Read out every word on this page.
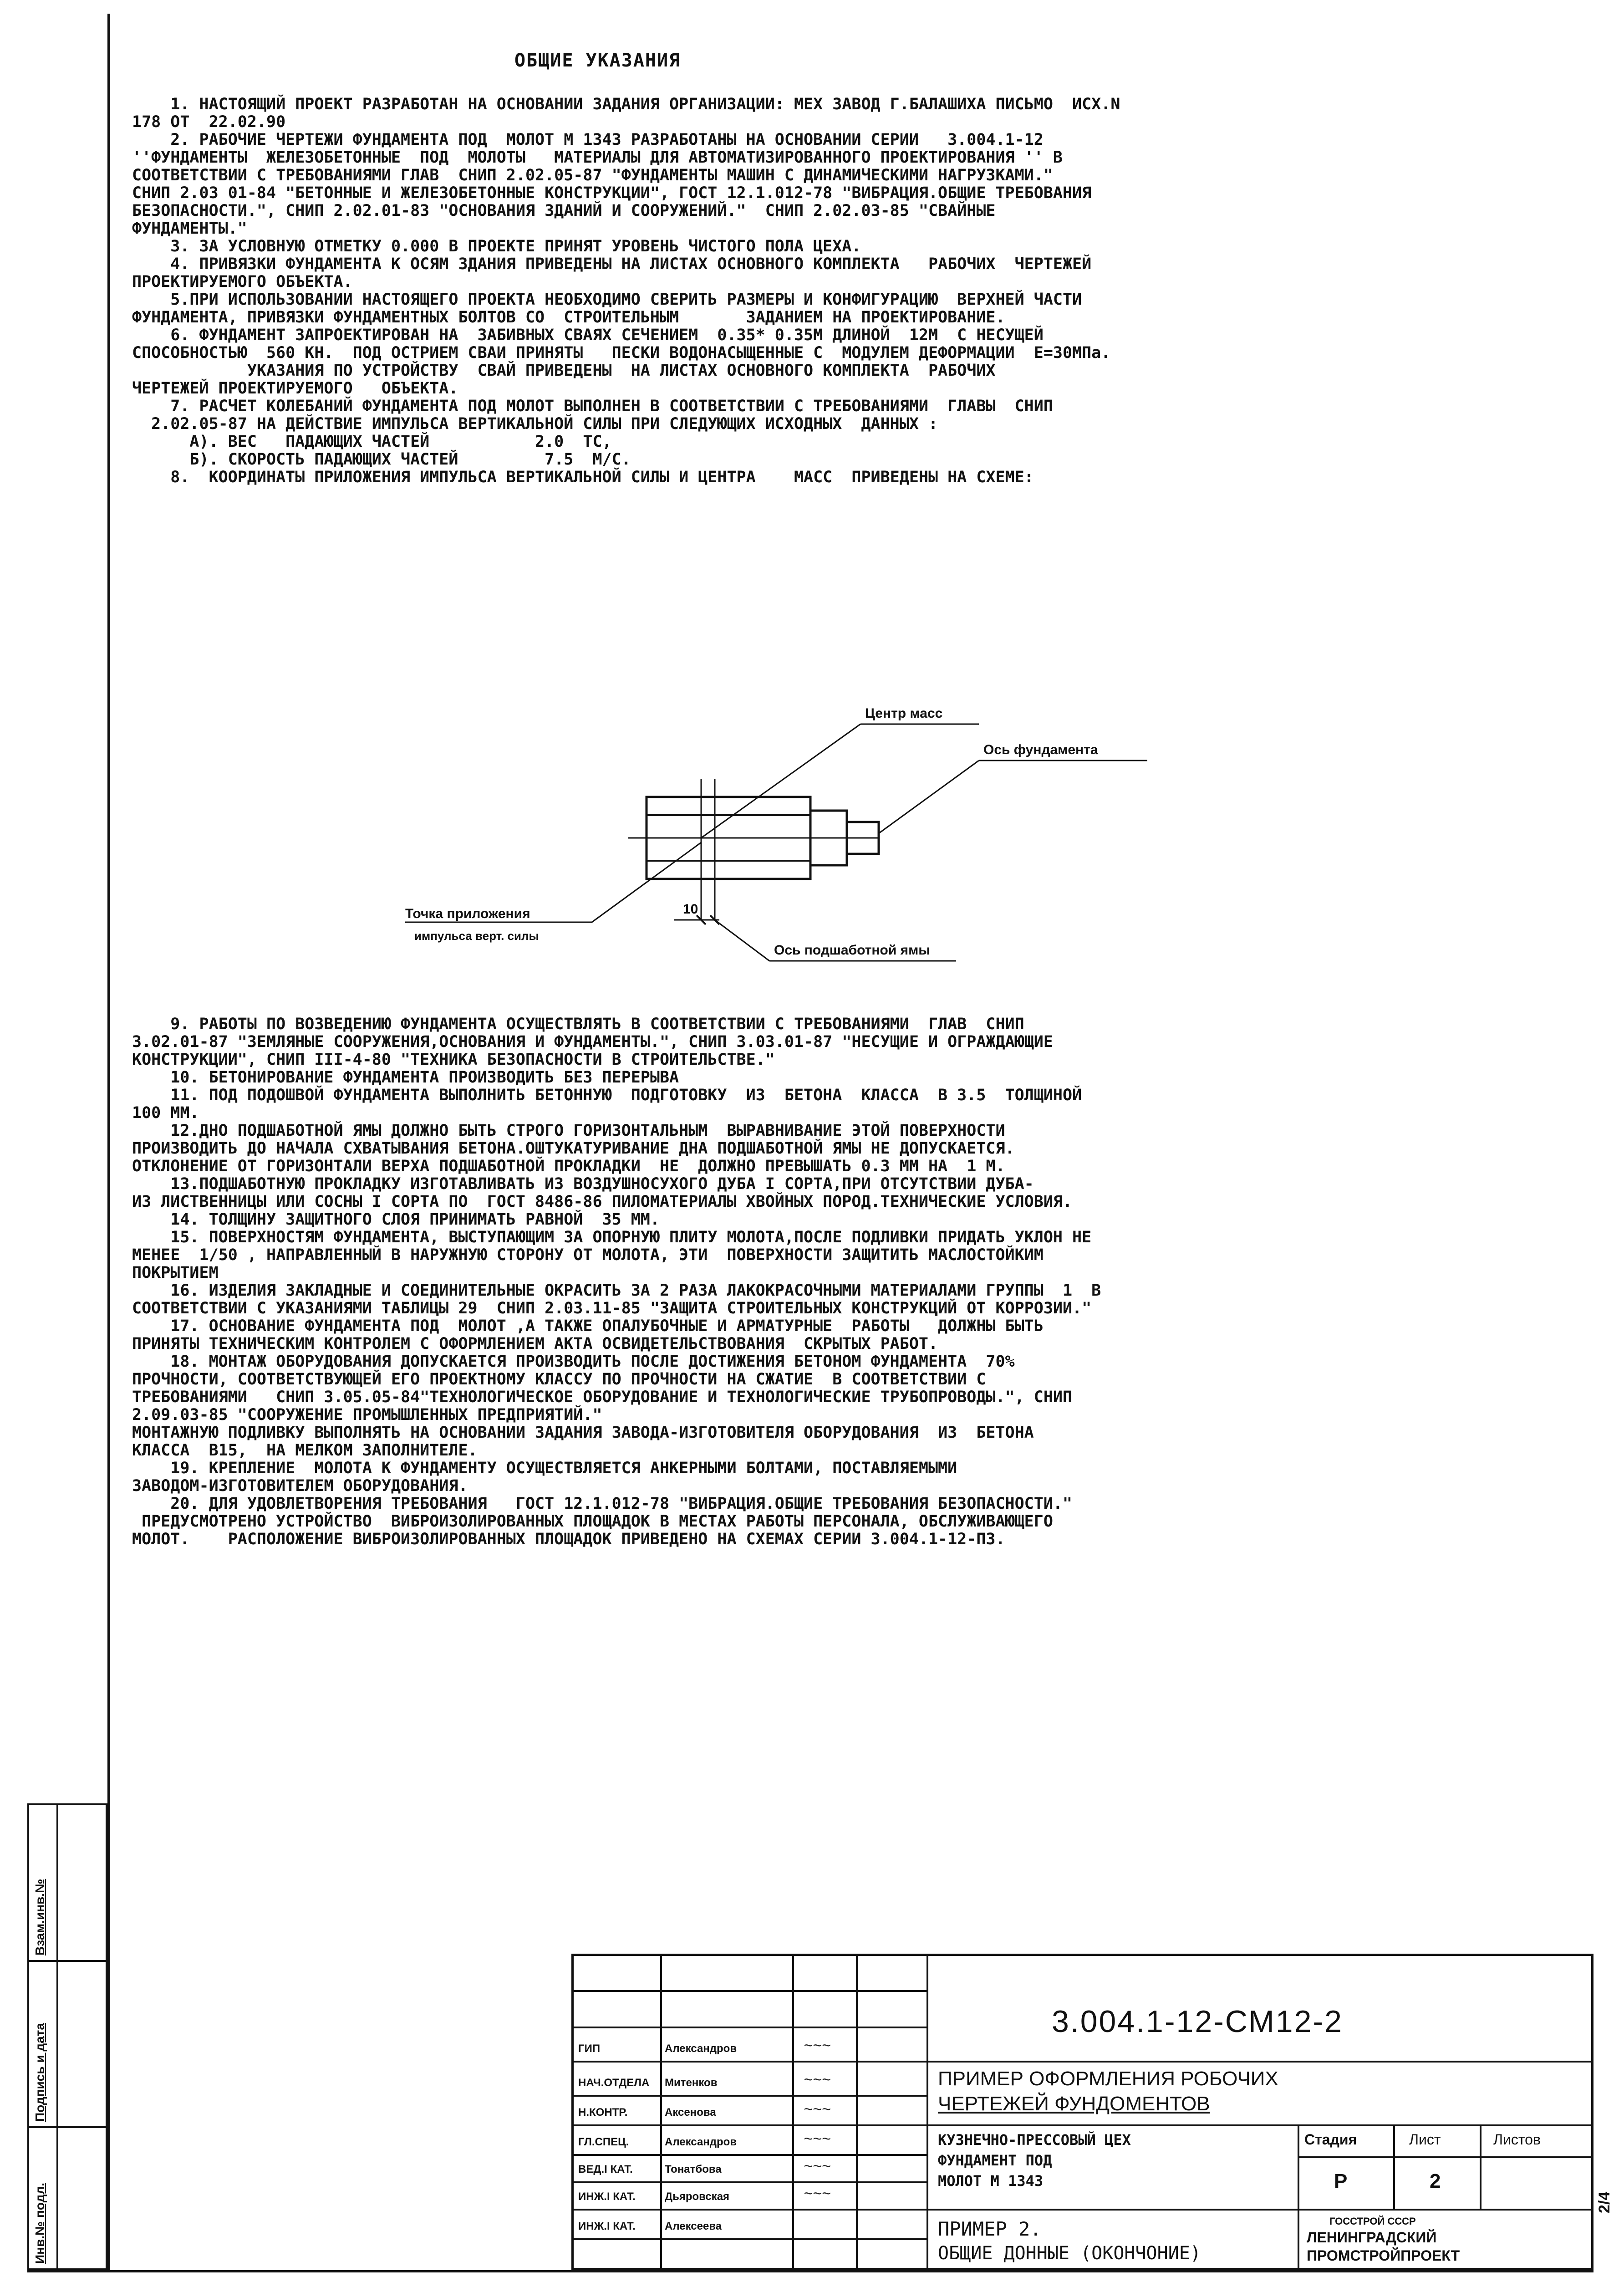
ОБЩИЕ УКАЗАНИЯ

1. НАСТОЯЩИЙ ПРОЕКТ РАЗРАБОТАН НА ОСНОВАНИИ ЗАДАНИЯ ОРГАНИЗАЦИИ: МЕХ ЗАВОД Г.БАЛАШИХА ПИСЬМО  ИСХ.N

178 ОТ  22.02.90

2. РАБОЧИЕ ЧЕРТЕЖИ ФУНДАМЕНТА ПОД  МОЛОТ М 1343 РАЗРАБОТАНЫ НА ОСНОВАНИИ СЕРИИ   3.004.1-12

''ФУНДАМЕНТЫ  ЖЕЛЕЗОБЕТОННЫЕ  ПОД  МОЛОТЫ   МАТЕРИАЛЫ ДЛЯ АВТОМАТИЗИРОВАННОГО ПРОЕКТИРОВАНИЯ '' В

СООТВЕТСТВИИ С ТРЕБОВАНИЯМИ ГЛАВ  СНИП 2.02.05-87 "ФУНДАМЕНТЫ МАШИН С ДИНАМИЧЕСКИМИ НАГРУЗКАМИ."

СНИП 2.03 01-84 "БЕТОННЫЕ И ЖЕЛЕЗОБЕТОННЫЕ КОНСТРУКЦИИ", ГОСТ 12.1.012-78 "ВИБРАЦИЯ.ОБЩИЕ ТРЕБОВАНИЯ

БЕЗОПАСНОСТИ.", СНИП 2.02.01-83 "ОСНОВАНИЯ ЗДАНИЙ И СООРУЖЕНИЙ."  СНИП 2.02.03-85 "СВАЙНЫЕ

ФУНДАМЕНТЫ."

3. ЗА УСЛОВНУЮ ОТМЕТКУ 0.000 В ПРОЕКТЕ ПРИНЯТ УРОВЕНЬ ЧИСТОГО ПОЛА ЦЕХА.

4. ПРИВЯЗКИ ФУНДАМЕНТА К ОСЯМ ЗДАНИЯ ПРИВЕДЕНЫ НА ЛИСТАХ ОСНОВНОГО КОМПЛЕКТА   РАБОЧИХ  ЧЕРТЕЖЕЙ

ПРОЕКТИРУЕМОГО ОБЪЕКТА.

5.ПРИ ИСПОЛЬЗОВАНИИ НАСТОЯЩЕГО ПРОЕКТА НЕОБХОДИМО СВЕРИТЬ РАЗМЕРЫ И КОНФИГУРАЦИЮ  ВЕРХНЕЙ ЧАСТИ

ФУНДАМЕНТА, ПРИВЯЗКИ ФУНДАМЕНТНЫХ БОЛТОВ СО  СТРОИТЕЛЬНЫМ       ЗАДАНИЕМ НА ПРОЕКТИРОВАНИЕ.

6. ФУНДАМЕНТ ЗАПРОЕКТИРОВАН НА  ЗАБИВНЫХ СВАЯХ СЕЧЕНИЕМ  0.35* 0.35М ДЛИНОЙ  12М  С НЕСУЩЕЙ

СПОСОБНОСТЬЮ  560 КН.  ПОД ОСТРИЕМ СВАИ ПРИНЯТЫ   ПЕСКИ ВОДОНАСЫЩЕННЫЕ С  МОДУЛЕМ ДЕФОРМАЦИИ  Е=30МПа.

УКАЗАНИЯ ПО УСТРОЙСТВУ  СВАЙ ПРИВЕДЕНЫ  НА ЛИСТАХ ОСНОВНОГО КОМПЛЕКТА  РАБОЧИХ

ЧЕРТЕЖЕЙ ПРОЕКТИРУЕМОГО   ОБЪЕКТА.

7. РАСЧЕТ КОЛЕБАНИЙ ФУНДАМЕНТА ПОД МОЛОТ ВЫПОЛНЕН В СООТВЕТСТВИИ С ТРЕБОВАНИЯМИ  ГЛАВЫ  СНИП

2.02.05-87 НА ДЕЙСТВИЕ ИМПУЛЬСА ВЕРТИКАЛЬНОЙ СИЛЫ ПРИ СЛЕДУЮЩИХ ИСХОДНЫХ  ДАННЫХ :

А). ВЕС   ПАДАЮЩИХ ЧАСТЕЙ           2.0  ТС,

Б). СКОРОСТЬ ПАДАЮЩИХ ЧАСТЕЙ         7.5  М/С.

8.  КООРДИНАТЫ ПРИЛОЖЕНИЯ ИМПУЛЬСА ВЕРТИКАЛЬНОЙ СИЛЫ И ЦЕНТРА    МАСС  ПРИВЕДЕНЫ НА СХЕМЕ:

Центр масс
Ось фундамента
Точка приложения
импульса верт. силы
10
Ось подшаботной ямы

9. РАБОТЫ ПО ВОЗВЕДЕНИЮ ФУНДАМЕНТА ОСУЩЕСТВЛЯТЬ В СООТВЕТСТВИИ С ТРЕБОВАНИЯМИ  ГЛАВ  СНИП

3.02.01-87 "ЗЕМЛЯНЫЕ СООРУЖЕНИЯ,ОСНОВАНИЯ И ФУНДАМЕНТЫ.", СНИП 3.03.01-87 "НЕСУЩИЕ И ОГРАЖДАЮЩИЕ

КОНСТРУКЦИИ", СНИП III-4-80 "ТЕХНИКА БЕЗОПАСНОСТИ В СТРОИТЕЛЬСТВЕ."

10. БЕТОНИРОВАНИЕ ФУНДАМЕНТА ПРОИЗВОДИТЬ БЕЗ ПЕРЕРЫВА

11. ПОД ПОДОШВОЙ ФУНДАМЕНТА ВЫПОЛНИТЬ БЕТОННУЮ  ПОДГОТОВКУ  ИЗ  БЕТОНА  КЛАССА  В 3.5  ТОЛЩИНОЙ

100 ММ.

12.ДНО ПОДШАБОТНОЙ ЯМЫ ДОЛЖНО БЫТЬ СТРОГО ГОРИЗОНТАЛЬНЫМ  ВЫРАВНИВАНИЕ ЭТОЙ ПОВЕРХНОСТИ

ПРОИЗВОДИТЬ ДО НАЧАЛА СХВАТЫВАНИЯ БЕТОНА.ОШТУКАТУРИВАНИЕ ДНА ПОДШАБОТНОЙ ЯМЫ НЕ ДОПУСКАЕТСЯ.

ОТКЛОНЕНИЕ ОТ ГОРИЗОНТАЛИ ВЕРХА ПОДШАБОТНОЙ ПРОКЛАДКИ  НЕ  ДОЛЖНО ПРЕВЫШАТЬ 0.3 ММ НА  1 М.

13.ПОДШАБОТНУЮ ПРОКЛАДКУ ИЗГОТАВЛИВАТЬ ИЗ ВОЗДУШНОСУХОГО ДУБА I СОРТА,ПРИ ОТСУТСТВИИ ДУБА-

ИЗ ЛИСТВЕННИЦЫ ИЛИ СОСНЫ I СОРТА ПО  ГОСТ 8486-86 ПИЛОМАТЕРИАЛЫ ХВОЙНЫХ ПОРОД.ТЕХНИЧЕСКИЕ УСЛОВИЯ.

14. ТОЛЩИНУ ЗАЩИТНОГО СЛОЯ ПРИНИМАТЬ РАВНОЙ  35 ММ.

15. ПОВЕРХНОСТЯМ ФУНДАМЕНТА, ВЫСТУПАЮЩИМ ЗА ОПОРНУЮ ПЛИТУ МОЛОТА,ПОСЛЕ ПОДЛИВКИ ПРИДАТЬ УКЛОН НЕ

МЕНЕЕ  1/50 , НАПРАВЛЕННЫЙ В НАРУЖНУЮ СТОРОНУ ОТ МОЛОТА, ЭТИ  ПОВЕРХНОСТИ ЗАЩИТИТЬ МАСЛОСТОЙКИМ

ПОКРЫТИЕМ

16. ИЗДЕЛИЯ ЗАКЛАДНЫЕ И СОЕДИНИТЕЛЬНЫЕ ОКРАСИТЬ ЗА 2 РАЗА ЛАКОКРАСОЧНЫМИ МАТЕРИАЛАМИ ГРУППЫ  1  В

СООТВЕТСТВИИ С УКАЗАНИЯМИ ТАБЛИЦЫ 29  СНИП 2.03.11-85 "ЗАЩИТА СТРОИТЕЛЬНЫХ КОНСТРУКЦИЙ ОТ КОРРОЗИИ."

17. ОСНОВАНИЕ ФУНДАМЕНТА ПОД  МОЛОТ ,А ТАКЖЕ ОПАЛУБОЧНЫЕ И АРМАТУРНЫЕ  РАБОТЫ   ДОЛЖНЫ БЫТЬ

ПРИНЯТЫ ТЕХНИЧЕСКИМ КОНТРОЛЕМ С ОФОРМЛЕНИЕМ АКТА ОСВИДЕТЕЛЬСТВОВАНИЯ  СКРЫТЫХ РАБОТ.

18. МОНТАЖ ОБОРУДОВАНИЯ ДОПУСКАЕТСЯ ПРОИЗВОДИТЬ ПОСЛЕ ДОСТИЖЕНИЯ БЕТОНОМ ФУНДАМЕНТА  70%

ПРОЧНОСТИ, СООТВЕТСТВУЮЩЕЙ ЕГО ПРОЕКТНОМУ КЛАССУ ПО ПРОЧНОСТИ НА СЖАТИЕ  В СООТВЕТСТВИИ С

ТРЕБОВАНИЯМИ   СНИП 3.05.05-84"ТЕХНОЛОГИЧЕСКОЕ ОБОРУДОВАНИЕ И ТЕХНОЛОГИЧЕСКИЕ ТРУБОПРОВОДЫ.", СНИП

2.09.03-85 "СООРУЖЕНИЕ ПРОМЫШЛЕННЫХ ПРЕДПРИЯТИЙ."

МОНТАЖНУЮ ПОДЛИВКУ ВЫПОЛНЯТЬ НА ОСНОВАНИИ ЗАДАНИЯ ЗАВОДА-ИЗГОТОВИТЕЛЯ ОБОРУДОВАНИЯ  ИЗ  БЕТОНА

КЛАССА  В15,  НА МЕЛКОМ ЗАПОЛНИТЕЛЕ.

19. КРЕПЛЕНИЕ  МОЛОТА К ФУНДАМЕНТУ ОСУЩЕСТВЛЯЕТСЯ АНКЕРНЫМИ БОЛТАМИ, ПОСТАВЛЯЕМЫМИ

ЗАВОДОМ-ИЗГОТОВИТЕЛЕМ ОБОРУДОВАНИЯ.

20. ДЛЯ УДОВЛЕТВОРЕНИЯ ТРЕБОВАНИЯ   ГОСТ 12.1.012-78 "ВИБРАЦИЯ.ОБЩИЕ ТРЕБОВАНИЯ БЕЗОПАСНОСТИ."

ПРЕДУСМОТРЕНО УСТРОЙСТВО  ВИБРОИЗОЛИРОВАННЫХ ПЛОЩАДОК В МЕСТАХ РАБОТЫ ПЕРСОНАЛА, ОБСЛУЖИВАЮЩЕГО

МОЛОТ.    РАСПОЛОЖЕНИЕ ВИБРОИЗОЛИРОВАННЫХ ПЛОЩАДОК ПРИВЕДЕНО НА СХЕМАХ СЕРИИ 3.004.1-12-П3.

Взам.инв.№
Подпись и дата
Инв.№ подл.
3.004.1-12-СМ12-2
ПРИМЕР ОФОРМЛЕНИЯ РОБОЧИХ
ЧЕРТЕЖЕЙ ФУНДОМЕНТОВ
КУЗНЕЧНО-ПРЕССОВЫЙ ЦЕХ
ФУНДАМЕНТ ПОД
МОЛОТ М 1343
ПРИМЕР 2.
ОБЩИЕ ДОННЫЕ (ОКОНЧОНИЕ)
Стадия	Лист	Листов
Р	2
ГОССТРОЙ СССР
ЛЕНИНГРАДСКИЙ
ПРОМСТРОЙПРОЕКТ
ГИП	Александров	~~~
НАЧ.ОТДЕЛА Митенков	~~~
Н.КОНТР.	Аксенова	~~~
ГЛ.СПЕЦ.	Александров	~~~
ВЕД.I КАТ.	Тонатбова	~~~
ИНЖ.I КАТ.	Дьяровская	~~~
ИНЖ.I КАТ.	Алексеева
2/4
